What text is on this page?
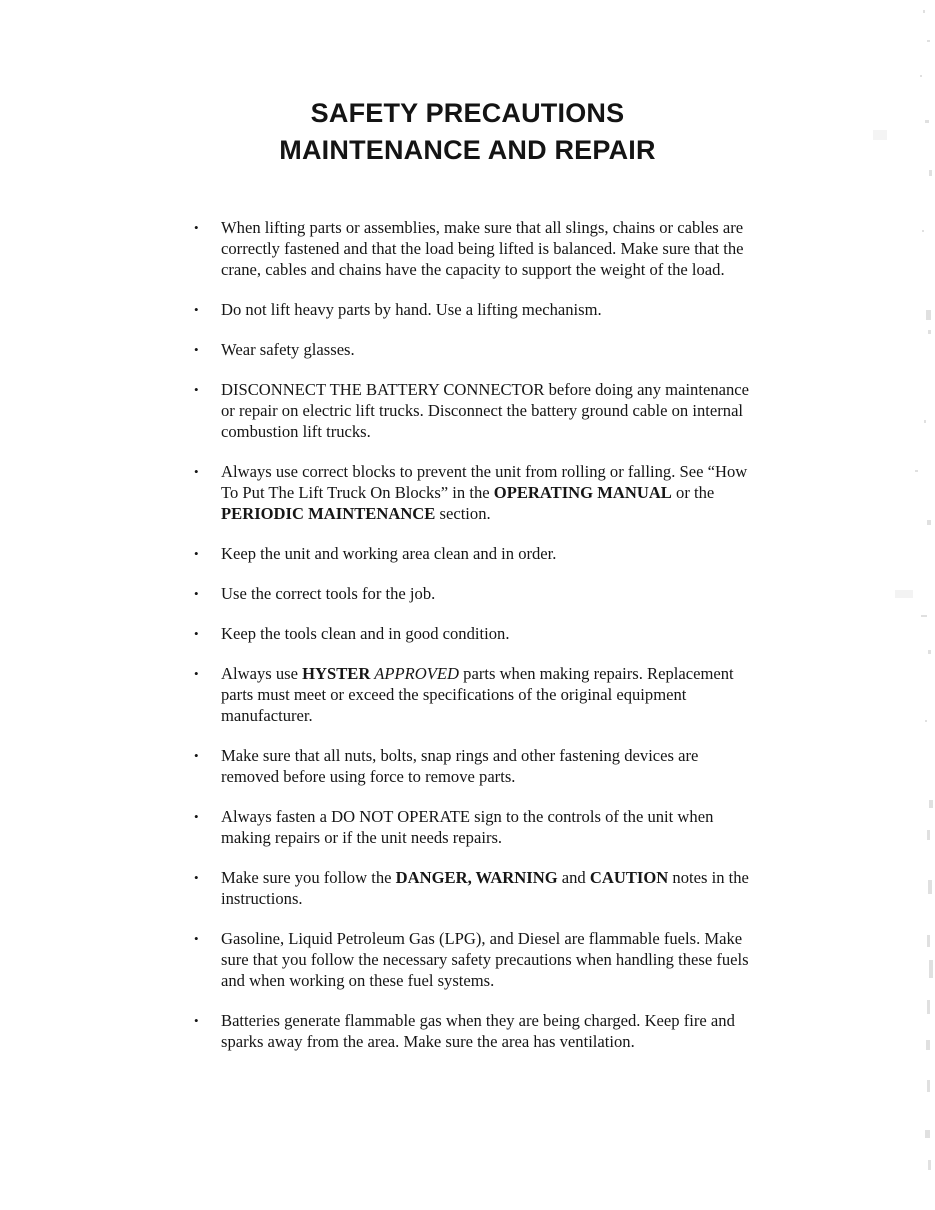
SAFETY PRECAUTIONS
MAINTENANCE AND REPAIR
• When lifting parts or assemblies, make sure that all slings, chains or cables are correctly fastened and that the load being lifted is balanced. Make sure that the crane, cables and chains have the capacity to support the weight of the load.
• Do not lift heavy parts by hand. Use a lifting mechanism.
• Wear safety glasses.
• DISCONNECT THE BATTERY CONNECTOR before doing any maintenance or repair on electric lift trucks. Disconnect the battery ground cable on internal combustion lift trucks.
• Always use correct blocks to prevent the unit from rolling or falling. See “How To Put The Lift Truck On Blocks” in the OPERATING MANUAL or the PERIODIC MAINTENANCE section.
• Keep the unit and working area clean and in order.
• Use the correct tools for the job.
• Keep the tools clean and in good condition.
• Always use HYSTER APPROVED parts when making repairs. Replacement parts must meet or exceed the specifications of the original equipment manufacturer.
• Make sure that all nuts, bolts, snap rings and other fastening devices are removed before using force to remove parts.
• Always fasten a DO NOT OPERATE sign to the controls of the unit when making repairs or if the unit needs repairs.
• Make sure you follow the DANGER, WARNING and CAUTION notes in the instructions.
• Gasoline, Liquid Petroleum Gas (LPG), and Diesel are flammable fuels. Make sure that you follow the necessary safety precautions when handling these fuels and when working on these fuel systems.
• Batteries generate flammable gas when they are being charged. Keep fire and sparks away from the area. Make sure the area has ventilation.
